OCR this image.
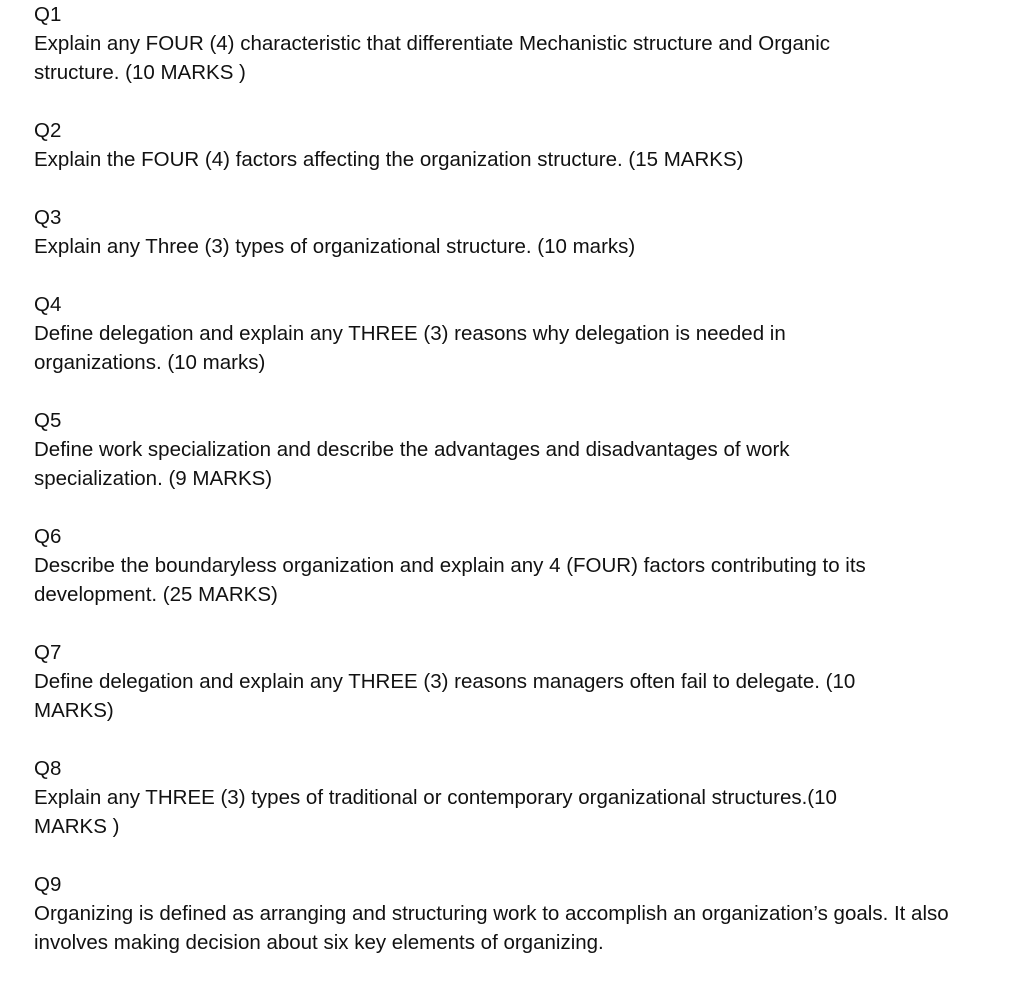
Q1
Explain any FOUR (4) characteristic that differentiate Mechanistic structure and Organic structure. (10 MARKS )
Q2
Explain the FOUR (4) factors affecting the organization structure. (15 MARKS)
Q3
Explain any Three (3) types of organizational structure. (10 marks)
Q4
Define delegation and explain any THREE (3) reasons why delegation is needed in organizations. (10 marks)
Q5
Define work specialization and describe the advantages and disadvantages of work specialization. (9 MARKS)
Q6
Describe the boundaryless organization and explain any 4 (FOUR) factors contributing to its development. (25 MARKS)
Q7
Define delegation and explain any THREE (3) reasons managers often fail to delegate. (10 MARKS)
Q8
Explain any THREE (3) types of traditional or contemporary organizational structures.(10 MARKS )
Q9
Organizing is defined as arranging and structuring work to accomplish an organization’s goals. It also involves making decision about six key elements of organizing.
